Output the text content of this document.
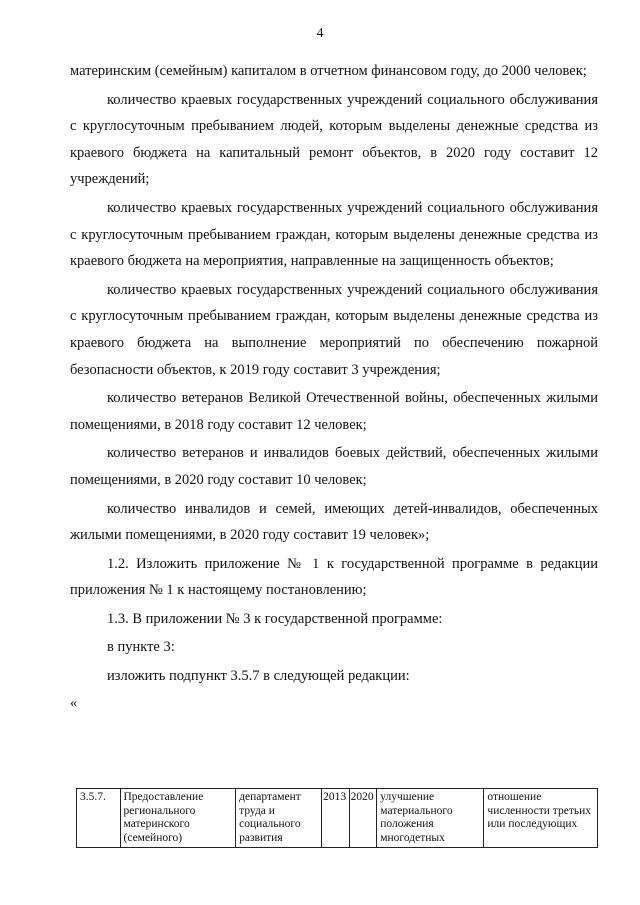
4

материнским (семейным) капиталом в отчетном финансовом году, до 2000 человек;

количество краевых государственных учреждений социального обслуживания с круглосуточным пребыванием людей, которым выделены денежные средства из краевого бюджета на капитальный ремонт объектов, в 2020 году составит 12 учреждений;

количество краевых государственных учреждений социального обслуживания с круглосуточным пребыванием граждан, которым выделены денежные средства из краевого бюджета на мероприятия, направленные на защищенность объектов;

количество краевых государственных учреждений социального обслуживания с круглосуточным пребыванием граждан, которым выделены денежные средства из краевого бюджета на выполнение мероприятий по обеспечению пожарной безопасности объектов, к 2019 году составит 3 учреждения;

количество ветеранов Великой Отечественной войны, обеспеченных жилыми помещениями, в 2018 году составит 12 человек;

количество ветеранов и инвалидов боевых действий, обеспеченных жилыми помещениями, в 2020 году составит 10 человек;

количество инвалидов и семей, имеющих детей-инвалидов, обеспеченных жилыми помещениями, в 2020 году составит 19 человек»;

1.2. Изложить приложение № 1 к государственной программе в редакции приложения № 1 к настоящему постановлению;

1.3. В приложении № 3 к государственной программе:

в пункте 3:

изложить подпункт 3.5.7 в следующей редакции:

«

3.5.7.	Предоставление регионального материнского (семейного)	департамент труда и социального развития	2013	2020	улучшение материального положения многодетных	отношение численности третьих или последующих
